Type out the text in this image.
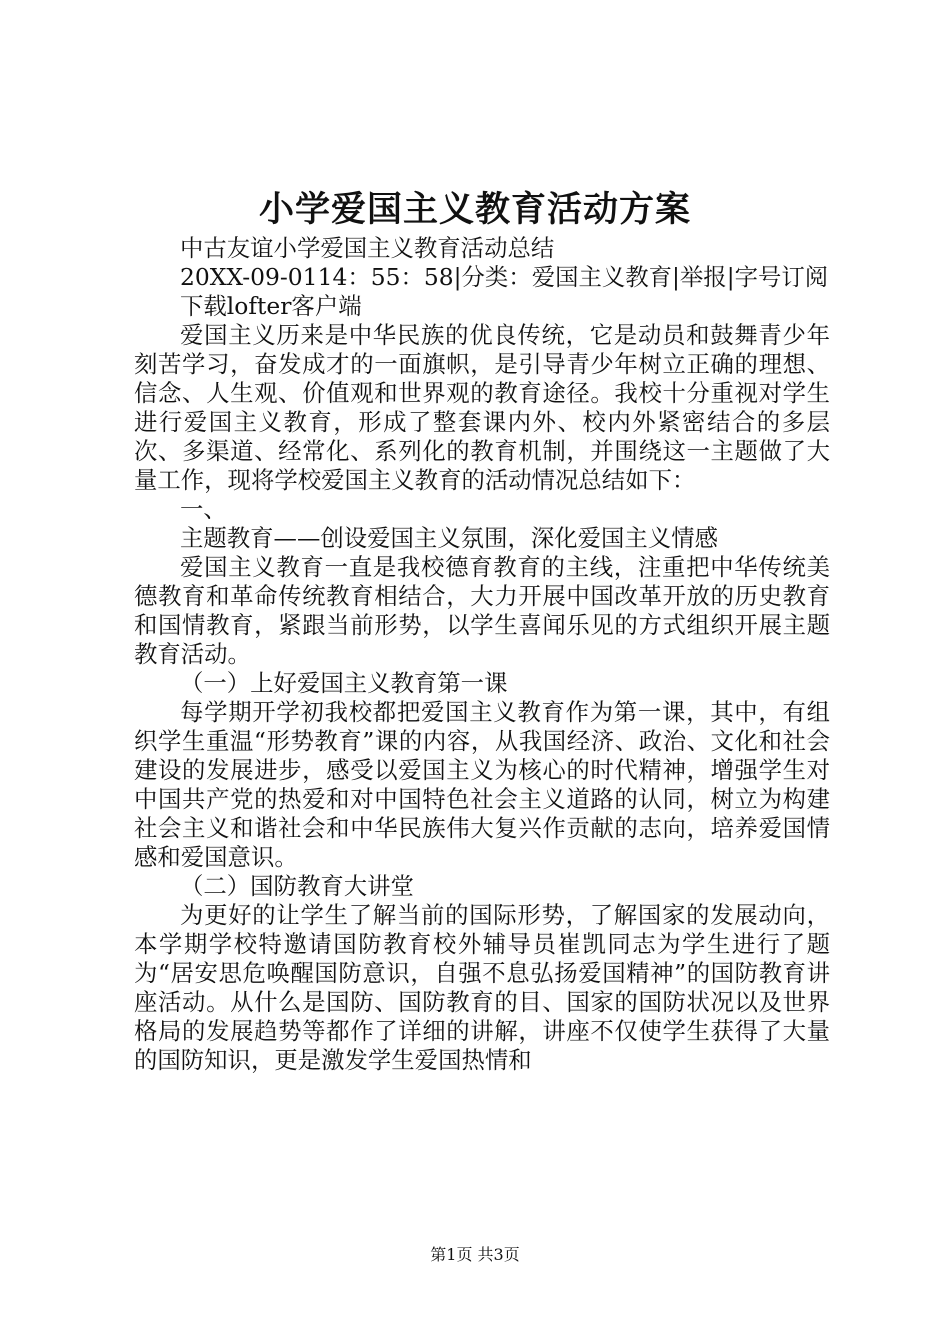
小学爱国主义教育活动方案

中古友谊小学爱国主义教育活动总结

20XX-09-0114：55：58|分类：爱国主义教育|举报|字号订阅

下载lofter客户端

爱国主义历来是中华民族的优良传统，它是动员和鼓舞青少年刻苦学习，奋发成才的一面旗帜，是引导青少年树立正确的理想、信念、人生观、价值观和世界观的教育途径。我校十分重视对学生进行爱国主义教育，形成了整套课内外、校内外紧密结合的多层次、多渠道、经常化、系列化的教育机制，并围绕这一主题做了大量工作，现将学校爱国主义教育的活动情况总结如下：

一、

主题教育——创设爱国主义氛围，深化爱国主义情感

爱国主义教育一直是我校德育教育的主线，注重把中华传统美德教育和革命传统教育相结合，大力开展中国改革开放的历史教育和国情教育，紧跟当前形势，以学生喜闻乐见的方式组织开展主题教育活动。

（一）上好爱国主义教育第一课

每学期开学初我校都把爱国主义教育作为第一课，其中，有组织学生重温“形势教育”课的内容，从我国经济、政治、文化和社会建设的发展进步，感受以爱国主义为核心的时代精神，增强学生对中国共产党的热爱和对中国特色社会主义道路的认同，树立为构建社会主义和谐社会和中华民族伟大复兴作贡献的志向，培养爱国情感和爱国意识。

（二）国防教育大讲堂

为更好的让学生了解当前的国际形势，了解国家的发展动向，本学期学校特邀请国防教育校外辅导员崔凯同志为学生进行了题为“居安思危唤醒国防意识，自强不息弘扬爱国精神”的国防教育讲座活动。从什么是国防、国防教育的目、国家的国防状况以及世界格局的发展趋势等都作了详细的讲解，讲座不仅使学生获得了大量的国防知识，更是激发学生爱国热情和

第1页 共3页
